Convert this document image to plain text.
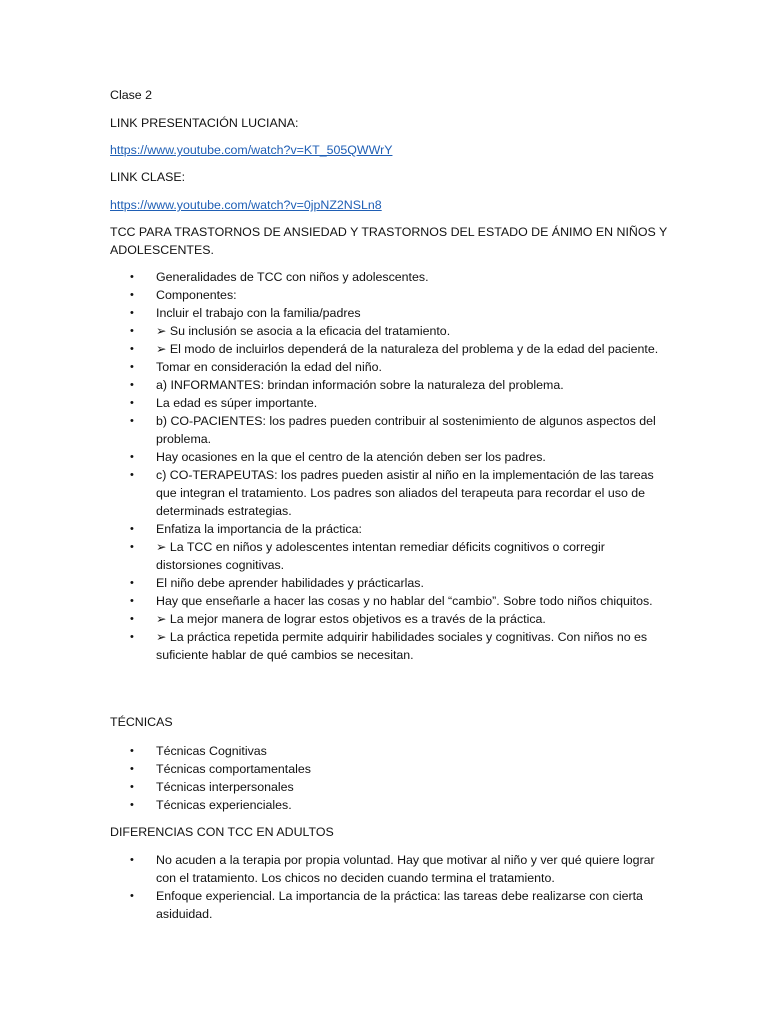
Clase 2

LINK PRESENTACIÓN LUCIANA:

https://www.youtube.com/watch?v=KT_505QWWrY

LINK CLASE:

https://www.youtube.com/watch?v=0jpNZ2NSLn8

TCC PARA TRASTORNOS DE ANSIEDAD Y TRASTORNOS DEL ESTADO DE ÁNIMO EN NIÑOS Y ADOLESCENTES.

• Generalidades de TCC con niños y adolescentes.
• Componentes:
• Incluir el trabajo con la familia/padres
• ➢ Su inclusión se asocia a la eficacia del tratamiento.
• ➢ El modo de incluirlos dependerá de la naturaleza del problema y de la edad del paciente.
• Tomar en consideración la edad del niño.
• a) INFORMANTES: brindan información sobre la naturaleza del problema.
• La edad es súper importante.
• b) CO-PACIENTES: los padres pueden contribuir al sostenimiento de algunos aspectos del problema.
• Hay ocasiones en la que el centro de la atención deben ser los padres.
• c) CO-TERAPEUTAS: los padres pueden asistir al niño en la implementación de las tareas que integran el tratamiento. Los padres son aliados del terapeuta para recordar el uso de determinads estrategias.
• Enfatiza la importancia de la práctica:
• ➢ La TCC en niños y adolescentes intentan remediar déficits cognitivos o corregir distorsiones cognitivas.
• El niño debe aprender habilidades y prácticarlas.
• Hay que enseñarle a hacer las cosas y no hablar del “cambio”. Sobre todo niños chiquitos.
• ➢ La mejor manera de lograr estos objetivos es a través de la práctica.
• ➢ La práctica repetida permite adquirir habilidades sociales y cognitivas. Con niños no es suficiente hablar de qué cambios se necesitan.

TÉCNICAS

• Técnicas Cognitivas
• Técnicas comportamentales
• Técnicas interpersonales
• Técnicas experienciales.

DIFERENCIAS CON TCC EN ADULTOS

• No acuden a la terapia por propia voluntad. Hay que motivar al niño y ver qué quiere lograr con el tratamiento. Los chicos no deciden cuando termina el tratamiento.
• Enfoque experiencial. La importancia de la práctica: las tareas debe realizarse con cierta asiduidad.
